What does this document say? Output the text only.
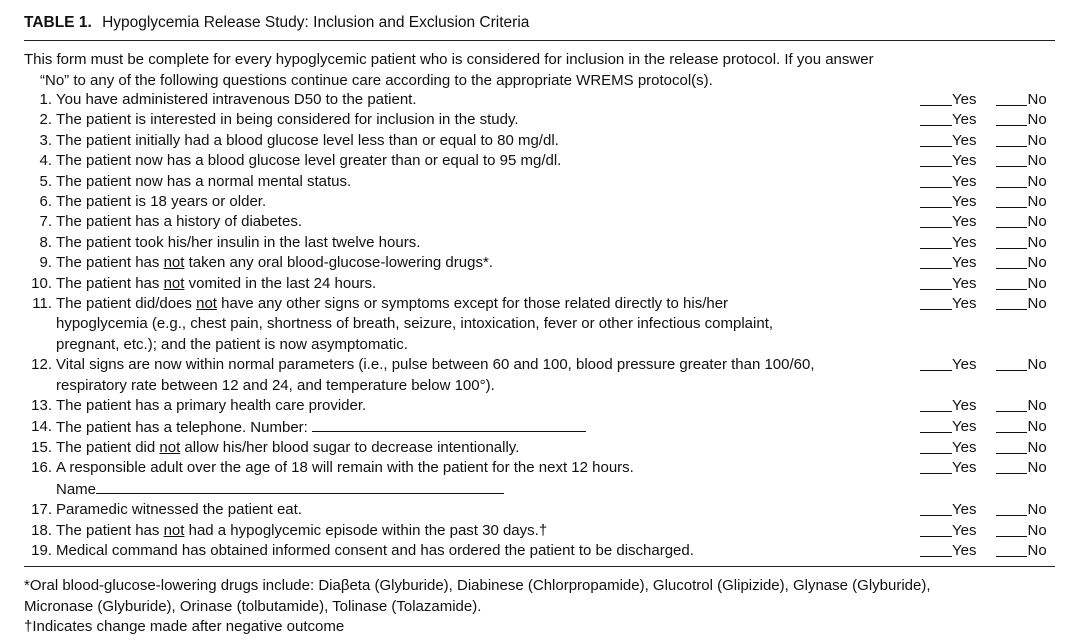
TABLE 1. Hypoglycemia Release Study: Inclusion and Exclusion Criteria
This form must be complete for every hypoglycemic patient who is considered for inclusion in the release protocol. If you answer
“No” to any of the following questions continue care according to the appropriate WREMS protocol(s).
1. You have administered intravenous D50 to the patient.	Yes	No
2. The patient is interested in being considered for inclusion in the study.	Yes	No
3. The patient initially had a blood glucose level less than or equal to 80 mg/dl.	Yes	No
4. The patient now has a blood glucose level greater than or equal to 95 mg/dl.	Yes	No
5. The patient now has a normal mental status.	Yes	No
6. The patient is 18 years or older.	Yes	No
7. The patient has a history of diabetes.	Yes	No
8. The patient took his/her insulin in the last twelve hours.	Yes	No
9. The patient has not taken any oral blood-glucose-lowering drugs*.	Yes	No
10. The patient has not vomited in the last 24 hours.	Yes	No
11. The patient did/does not have any other signs or symptoms except for those related directly to his/her
hypoglycemia (e.g., chest pain, shortness of breath, seizure, intoxication, fever or other infectious complaint,
pregnant, etc.); and the patient is now asymptomatic.
Yes	No
12. Vital signs are now within normal parameters (i.e., pulse between 60 and 100, blood pressure greater than 100/60,
respiratory rate between 12 and 24, and temperature below 100°).
Yes	No
13. The patient has a primary health care provider.	Yes	No
14. The patient has a telephone. Number:	Yes	No
15. The patient did not allow his/her blood sugar to decrease intentionally.	Yes	No
16. A responsible adult over the age of 18 will remain with the patient for the next 12 hours.
Name
Yes	No
17. Paramedic witnessed the patient eat.	Yes	No
18. The patient has not had a hypoglycemic episode within the past 30 days.†	Yes	No
19. Medical command has obtained informed consent and has ordered the patient to be discharged.	Yes	No
*Oral blood-glucose-lowering drugs include: Diaβeta (Glyburide), Diabinese (Chlorpropamide), Glucotrol (Glipizide), Glynase (Glyburide),
Micronase (Glyburide), Orinase (tolbutamide), Tolinase (Tolazamide).
†Indicates change made after negative outcome
